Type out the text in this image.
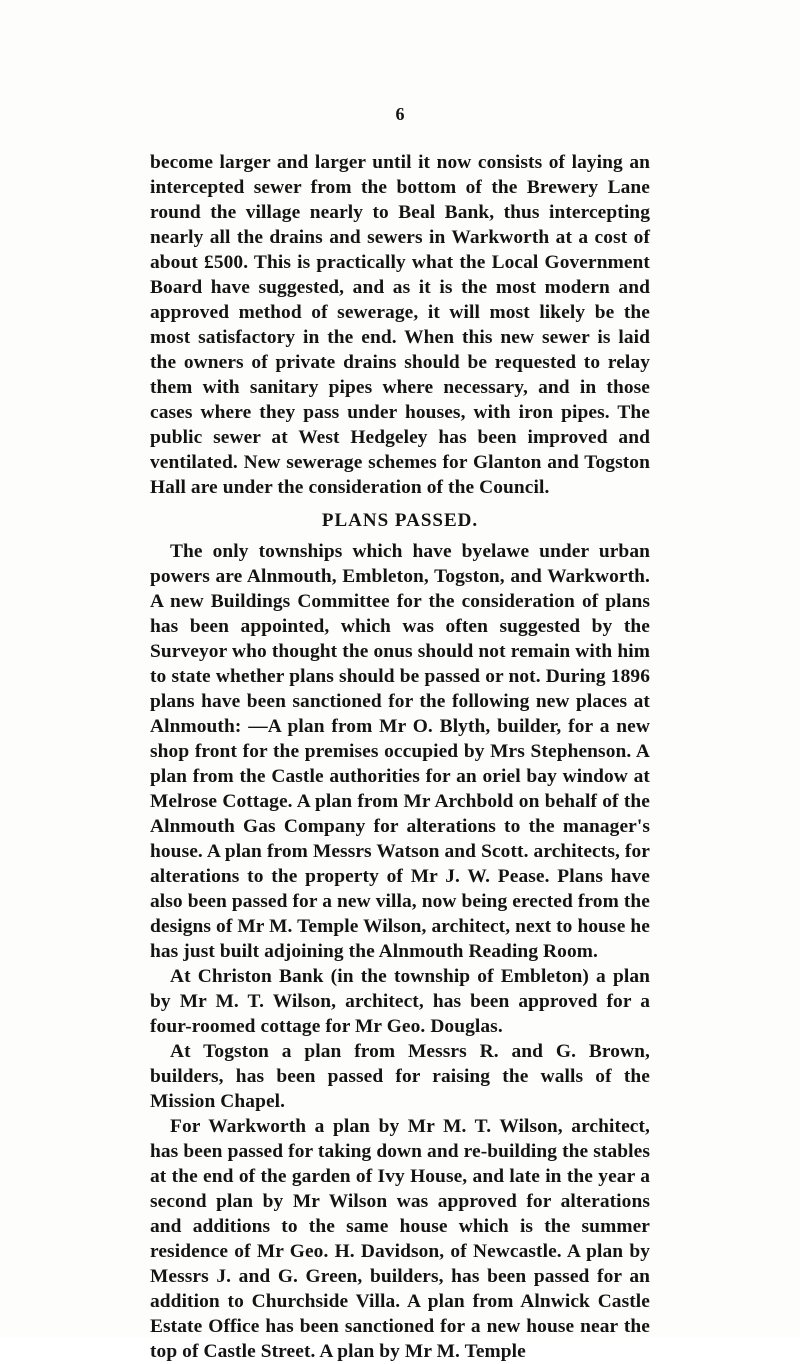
6

become larger and larger until it now consists of laying an intercepted sewer from the bottom of the Brewery Lane round the village nearly to Beal Bank, thus intercepting nearly all the drains and sewers in Warkworth at a cost of about £500. This is practically what the Local Government Board have suggested, and as it is the most modern and approved method of sewerage, it will most likely be the most satisfactory in the end. When this new sewer is laid the owners of private drains should be requested to relay them with sanitary pipes where necessary, and in those cases where they pass under houses, with iron pipes. The public sewer at West Hedgeley has been improved and ventilated. New sewerage schemes for Glanton and Togston Hall are under the consideration of the Council.

PLANS PASSED.

The only townships which have byelawe under urban powers are Alnmouth, Embleton, Togston, and Warkworth. A new Buildings Committee for the consideration of plans has been appointed, which was often suggested by the Surveyor who thought the onus should not remain with him to state whether plans should be passed or not. During 1896 plans have been sanctioned for the following new places at Alnmouth: —A plan from Mr O. Blyth, builder, for a new shop front for the premises occupied by Mrs Stephenson. A plan from the Castle authorities for an oriel bay window at Melrose Cottage. A plan from Mr Archbold on behalf of the Alnmouth Gas Company for alterations to the manager's house. A plan from Messrs Watson and Scott. architects, for alterations to the property of Mr J. W. Pease. Plans have also been passed for a new villa, now being erected from the designs of Mr M. Temple Wilson, architect, next to house he has just built adjoining the Alnmouth Reading Room.

At Christon Bank (in the township of Embleton) a plan by Mr M. T. Wilson, architect, has been approved for a four-roomed cottage for Mr Geo. Douglas.

At Togston a plan from Messrs R. and G. Brown, builders, has been passed for raising the walls of the Mission Chapel.

For Warkworth a plan by Mr M. T. Wilson, architect, has been passed for taking down and re-building the stables at the end of the garden of Ivy House, and late in the year a second plan by Mr Wilson was approved for alterations and additions to the same house which is the summer residence of Mr Geo. H. Davidson, of Newcastle. A plan by Messrs J. and G. Green, builders, has been passed for an addition to Churchside Villa. A plan from Alnwick Castle Estate Office has been sanctioned for a new house near the top of Castle Street. A plan by Mr M. Temple
